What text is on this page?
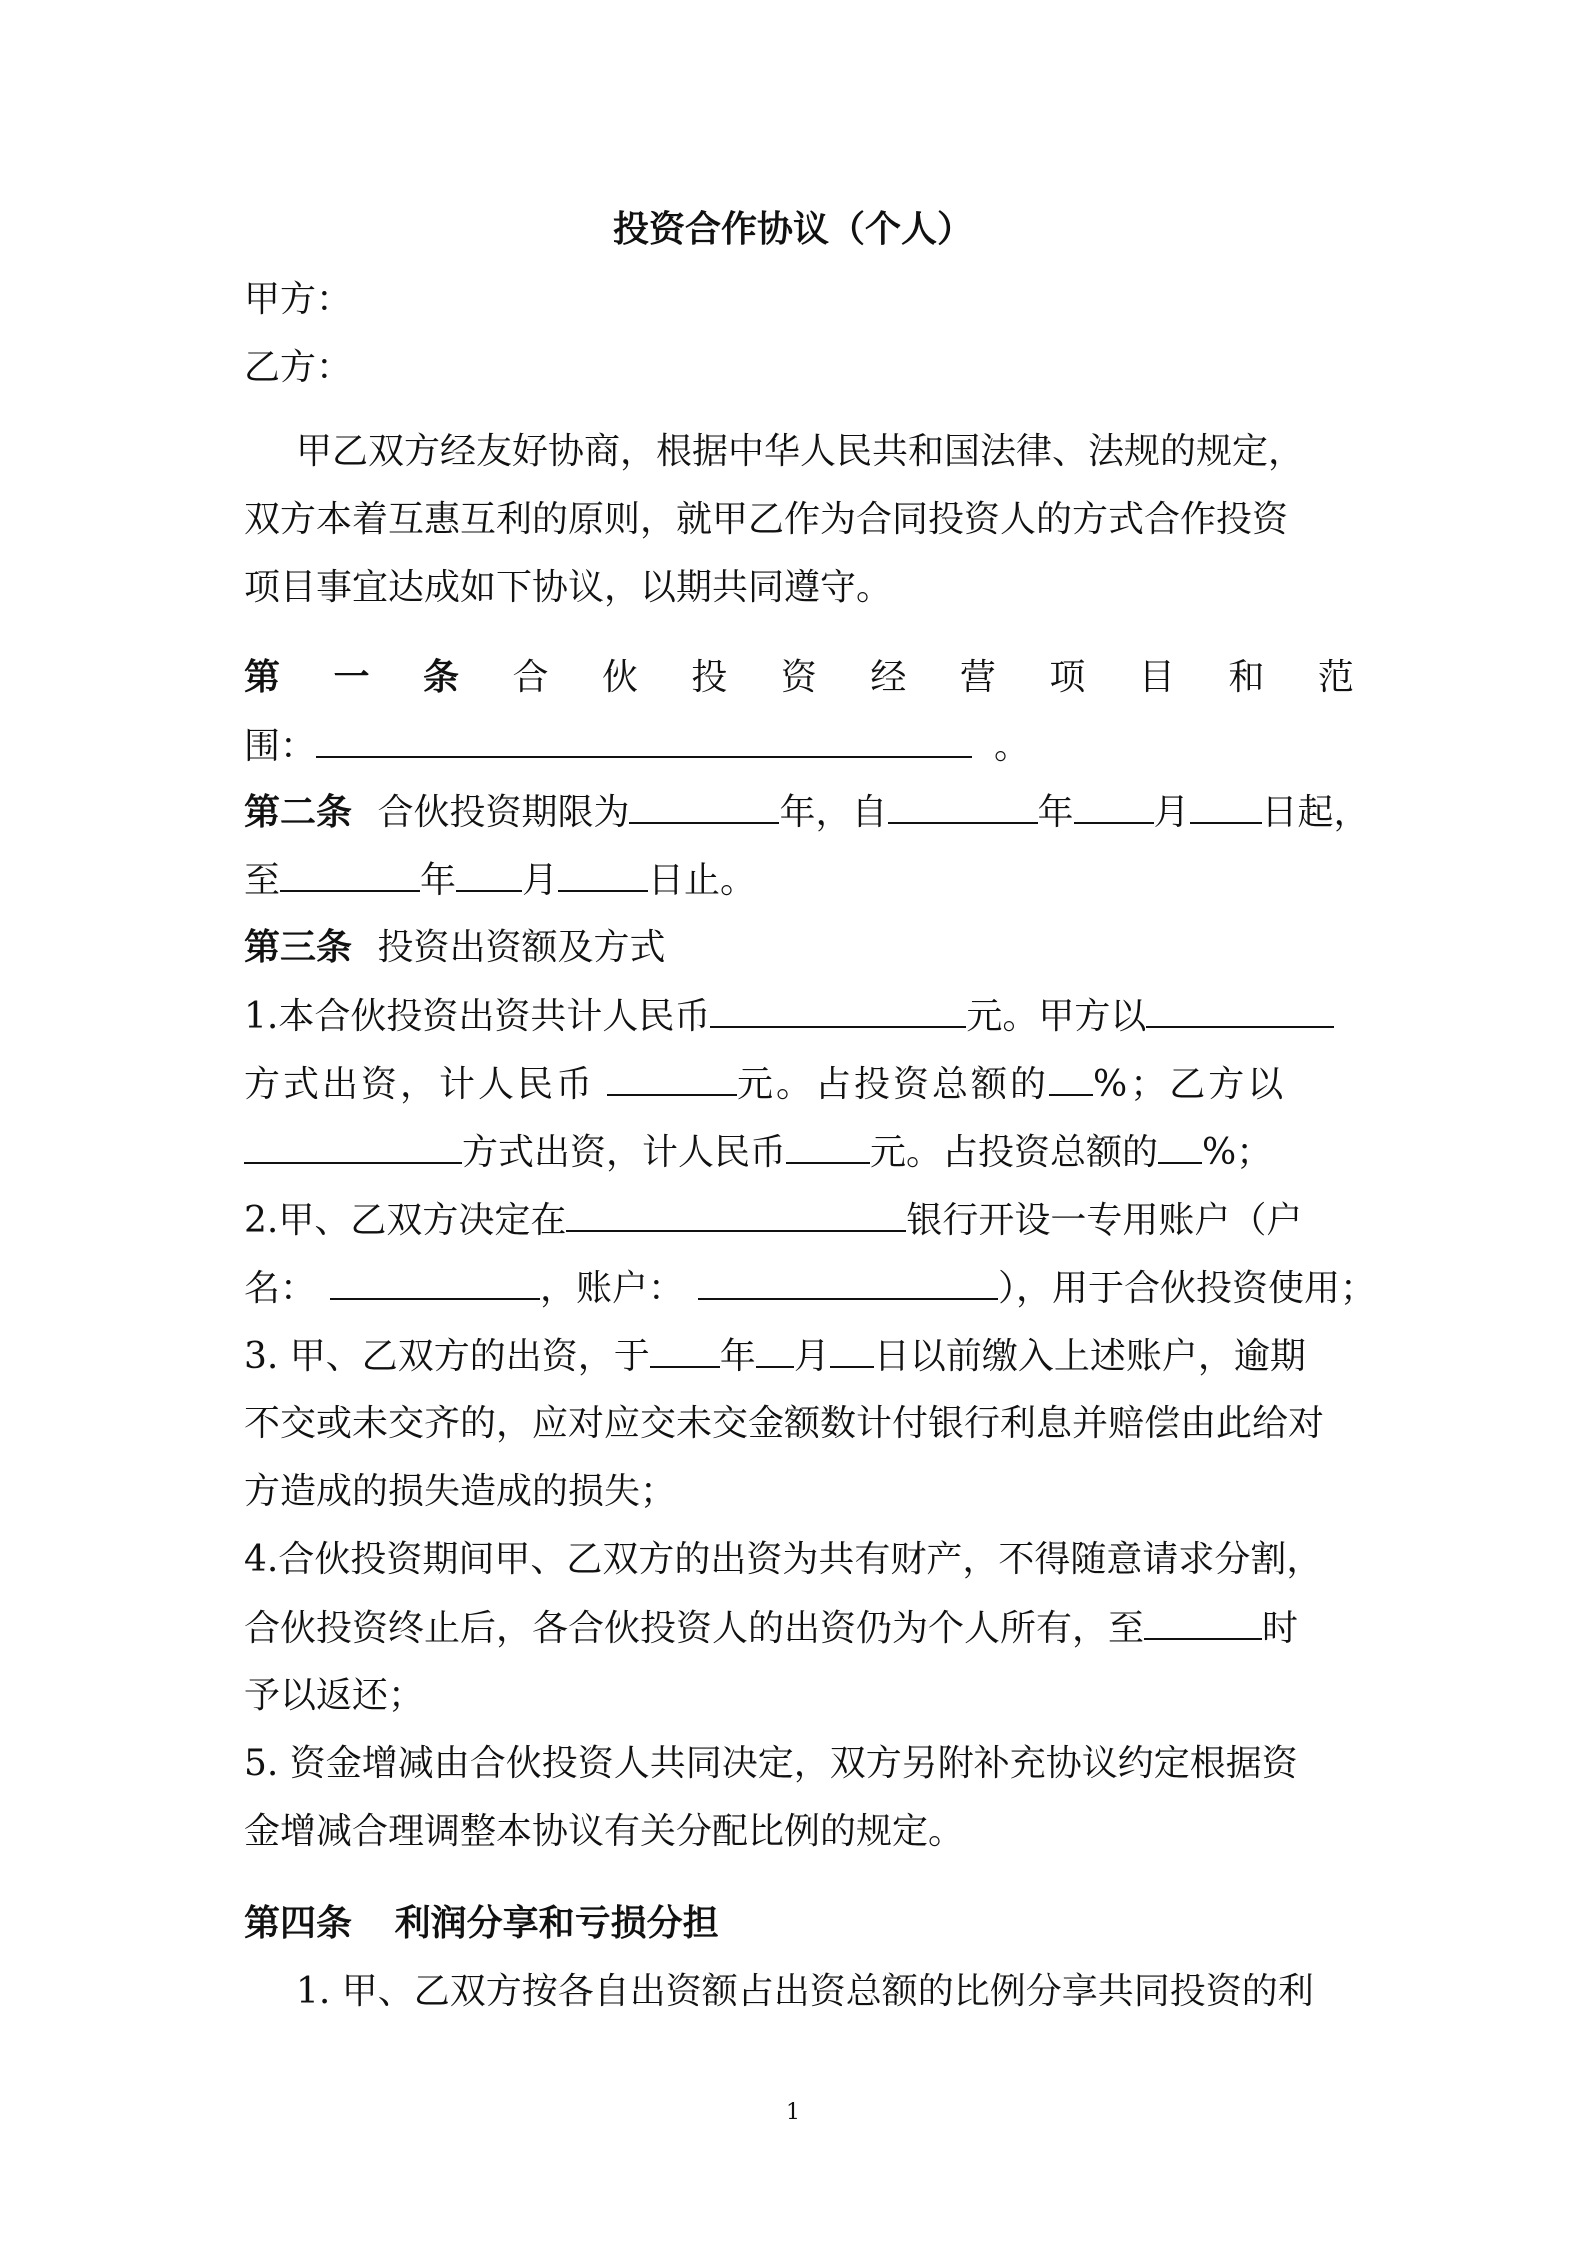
投资合作协议（个人）
甲方：
乙方：
甲乙双方经友好协商，根据中华人民共和国法律、法规的规定，
双方本着互惠互利的原则，就甲乙作为合同投资人的方式合作投资
项目事宜达成如下协议，以期共同遵守。
第 一 条 合 伙 投 资 经 营 项 目 和 范
围：	。
第二条 合伙投资期限为	年，自	年 月 日起，
至	年 月	日止。
第三条 投资出资额及方式
1.本合伙投资出资共计人民币	元。甲方以
方式出资，计人民币	元。占投资总额的 %；乙方以
方式出资，计人民币 元。占投资总额的 %；
2.甲、乙双方决定在	银行开设一专用账户（户
名：	，账户：	），用于合伙投资使用；
3. 甲、乙双方的出资，于 年 月 日以前缴入上述账户，逾期
不交或未交齐的，应对应交未交金额数计付银行利息并赔偿由此给对
方造成的损失造成的损失；
4.合伙投资期间甲、乙双方的出资为共有财产，不得随意请求分割，
合伙投资终止后，各合伙投资人的出资仍为个人所有，至	时
予以返还；
5. 资金增减由合伙投资人共同决定，双方另附补充协议约定根据资
金增减合理调整本协议有关分配比例的规定。
第四条 利润分享和亏损分担
1. 甲、乙双方按各自出资额占出资总额的比例分享共同投资的利
1
